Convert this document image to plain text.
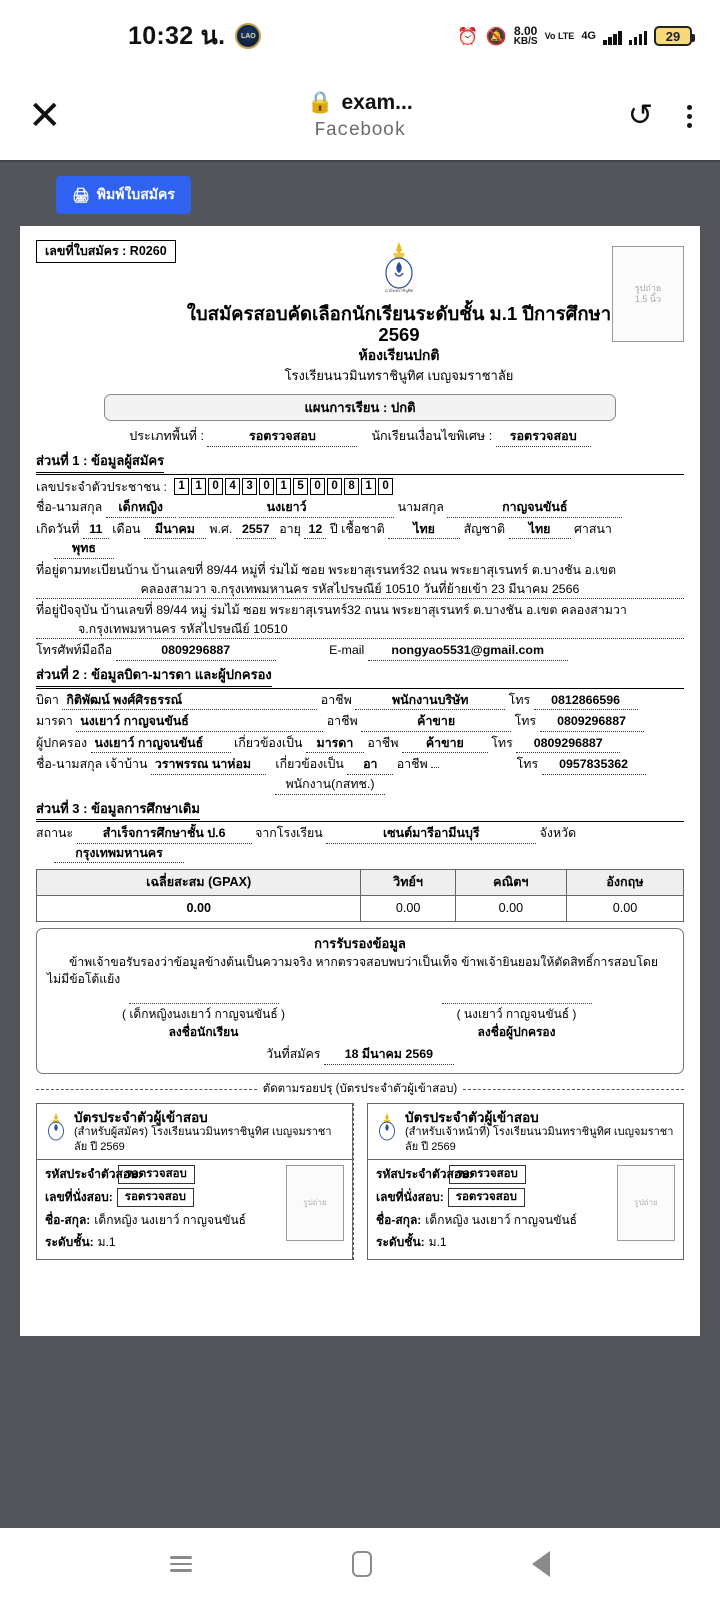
10:32 น.	LAO	⏰ 🔕 8.00
KB/S
Vo LTE 4G	29
✕	🔒 exam...
Facebook	↺
🖨 พิมพ์ใบสมัคร
เลขที่ใบสมัคร : R0260
นวมินทราชินูทิศ
ใบสมัครสอบคัดเลือกนักเรียนระดับชั้น ม.1 ปีการศึกษา 2569
ห้องเรียนปกติ
โรงเรียนนวมินทราชินูทิศ เบญจมราชาลัย
รูปถ่าย
1.5 นิ้ว
แผนการเรียน : ปกติ
ประเภทพื้นที่ :	รอตรวจสอบ	นักเรียนเงื่อนไขพิเศษ : รอตรวจสอบ
ส่วนที่ 1 : ข้อมูลผู้สมัคร
เลขประจำตัวประชาชน : 1 1 0 4 3 0 1 5 0 0 8 1 0
ชื่อ-นามสกุล เด็กหญิง	นงเยาว์	นามสกุล	กาญจนขันธ์
เกิดวันที่ 11 เดือน มีนาคม พ.ศ. 2557 อายุ 12 ปี เชื้อชาติ ไทย สัญชาติ ไทย ศาสนา
พุทธ
ที่อยู่ตามทะเบียนบ้าน บ้านเลขที่ 89/44 หมู่ที่ ร่มไม้ ซอย พระยาสุเรนทร์32 ถนน พระยาสุเรนทร์ ต.บางชัน อ.เขต
คลองสามวา จ.กรุงเทพมหานคร รหัสไปรษณีย์ 10510 วันที่ย้ายเข้า 23 มีนาคม 2566
ที่อยู่ปัจจุบัน บ้านเลขที่ 89/44 หมู่ ร่มไม้ ซอย พระยาสุเรนทร์32 ถนน พระยาสุเรนทร์ ต.บางชัน อ.เขต คลองสามวา
จ.กรุงเทพมหานคร รหัสไปรษณีย์ 10510
โทรศัพท์มือถือ	0809296887	E-mail nongyao5531@gmail.com
ส่วนที่ 2 : ข้อมูลบิดา-มารดา และผู้ปกครอง
บิดา กิติพัฒน์ พงศ์ศิรธรรณ์	อาชีพ	พนักงานบริษัท	โทร 0812866596
มารดา นงเยาว์ กาญจนขันธ์	อาชีพ	ค้าขาย	โทร 0809296887
ผู้ปกครอง นงเยาว์ กาญจนขันธ์ เกี่ยวข้องเป็น มารดา อาชีพ ค้าขาย โทร 0809296887
ชื่อ-นามสกุล เจ้าบ้าน วราพรรณ นาห่อม เกี่ยวข้องเป็น อา อาชีพ	โทร 0957835362
พนักงาน(กสทช.)
ส่วนที่ 3 : ข้อมูลการศึกษาเดิม
สถานะ สำเร็จการศึกษาชั้น ป.6 จากโรงเรียน	เซนต์มารีอามีนบุรี	จังหวัด
กรุงเทพมหานคร
เฉลี่ยสะสม (GPAX)	วิทย์ฯ	คณิตฯ	อังกฤษ
0.00	0.00	0.00	0.00
การรับรองข้อมูล
ข้าพเจ้าขอรับรองว่าข้อมูลข้างต้นเป็นความจริง หากตรวจสอบพบว่าเป็นเท็จ ข้าพเจ้ายินยอมให้ตัดสิทธิ์การสอบโดยไม่มีข้อโต้แย้ง
( เด็กหญิงนงเยาว์ กาญจนขันธ์ )
ลงชื่อนักเรียน
( นงเยาว์ กาญจนขันธ์ )
ลงชื่อผู้ปกครอง
วันที่สมัคร 18 มีนาคม 2569
ตัดตามรอยปรุ (บัตรประจำตัวผู้เข้าสอบ)
บัตรประจำตัวผู้เข้าสอบ
(สำหรับผู้สมัคร) โรงเรียนนวมินทราชินูทิศ เบญจมราชาลัย ปี 2569
รหัสประจำตัวสอบ:
รอตรวจสอบ
เลขที่นั่งสอบ:	รอตรวจสอบ
ชื่อ-สกุล: เด็กหญิง นงเยาว์ กาญจนขันธ์
ระดับชั้น: ม.1
รูปถ่าย
บัตรประจำตัวผู้เข้าสอบ
(สำหรับเจ้าหน้าที่) โรงเรียนนวมินทราชินูทิศ เบญจมราชาลัย ปี 2569
รหัสประจำตัวสอบ:
รอตรวจสอบ
เลขที่นั่งสอบ:	รอตรวจสอบ
ชื่อ-สกุล: เด็กหญิง นงเยาว์ กาญจนขันธ์
ระดับชั้น: ม.1
รูปถ่าย
